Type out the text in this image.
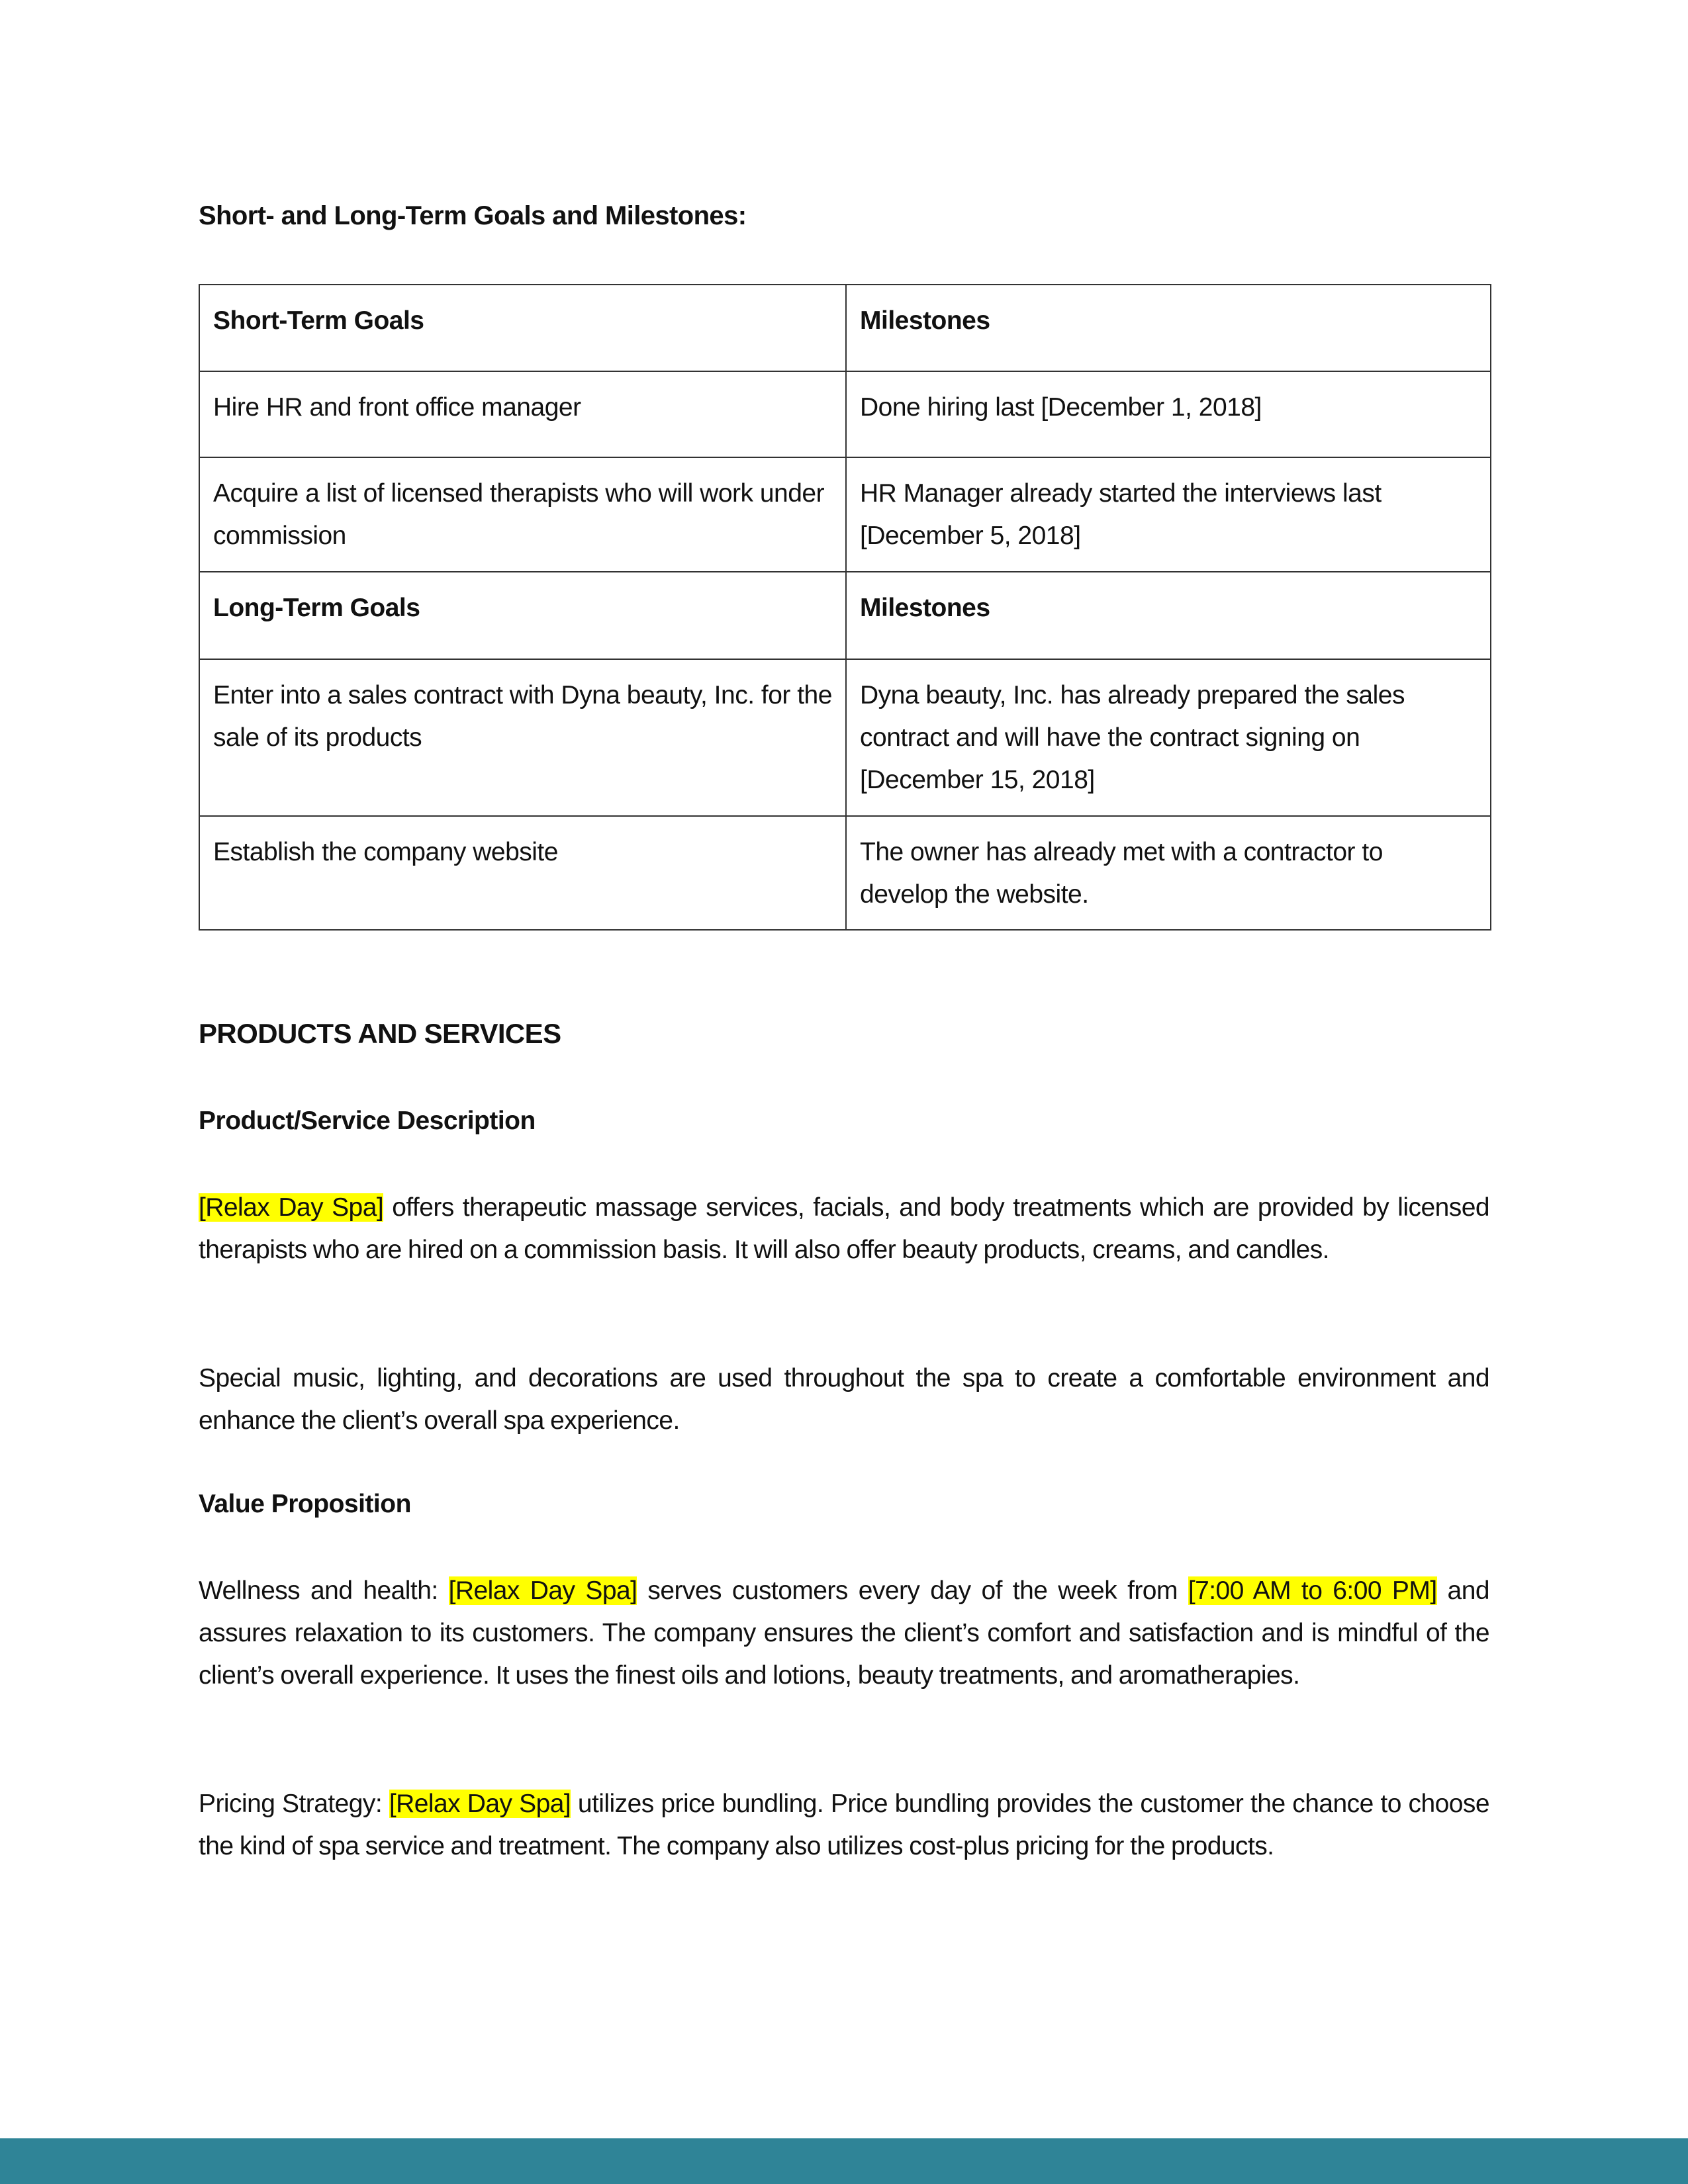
Short- and Long-Term Goals and Milestones:
Short-Term Goals	Milestones
Hire HR and front office manager	Done hiring last [December 1, 2018]
Acquire a list of licensed therapists who will work under commission	HR Manager already started the interviews last [December 5, 2018]
Long-Term Goals	Milestones
Enter into a sales contract with Dyna beauty, Inc. for the sale of its products	Dyna beauty, Inc. has already prepared the sales contract and will have the contract signing on [December 15, 2018]
Establish the company website	The owner has already met with a contractor to develop the website.
PRODUCTS AND SERVICES
Product/Service Description

[Relax Day Spa] offers therapeutic massage services, facials, and body treatments which are provided by licensed therapists who are hired on a commission basis. It will also offer beauty products, creams, and candles.

Special music, lighting, and decorations are used throughout the spa to create a comfortable environment and enhance the client’s overall spa experience.

Value Proposition

Wellness and health: [Relax Day Spa] serves customers every day of the week from [7:00 AM to 6:00 PM] and assures relaxation to its customers. The company ensures the client’s comfort and satisfaction and is mindful of the client’s overall experience. It uses the finest oils and lotions, beauty treatments, and aromatherapies.

Pricing Strategy: [Relax Day Spa] utilizes price bundling. Price bundling provides the customer the chance to choose the kind of spa service and treatment. The company also utilizes cost-plus pricing for the products.
